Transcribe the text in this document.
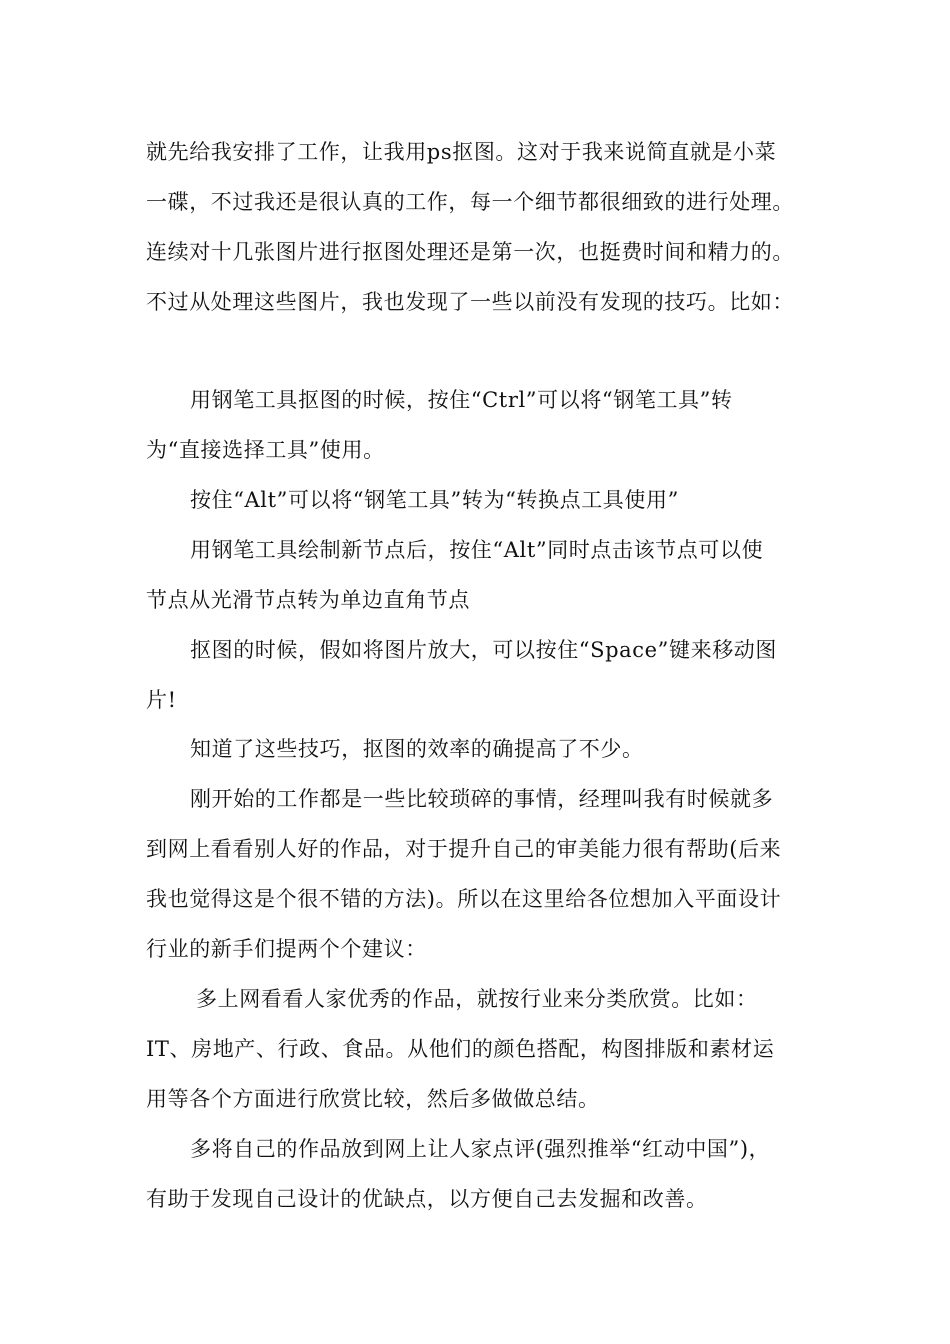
就先给我安排了工作，让我用ps抠图。这对于我来说简直就是小菜
一碟，不过我还是很认真的工作，每一个细节都很细致的进行处理。
连续对十几张图片进行抠图处理还是第一次，也挺费时间和精力的。
不过从处理这些图片，我也发现了一些以前没有发现的技巧。比如：
用钢笔工具抠图的时候，按住“Ctrl”可以将“钢笔工具”转
为“直接选择工具”使用。
按住“Alt”可以将“钢笔工具”转为“转换点工具使用”
用钢笔工具绘制新节点后，按住“Alt”同时点击该节点可以使
节点从光滑节点转为单边直角节点
抠图的时候，假如将图片放大，可以按住“Space”键来移动图
片!
知道了这些技巧，抠图的效率的确提高了不少。
刚开始的工作都是一些比较琐碎的事情，经理叫我有时候就多
到网上看看别人好的作品，对于提升自己的审美能力很有帮助(后来
我也觉得这是个很不错的方法)。所以在这里给各位想加入平面设计
行业的新手们提两个个建议：
多上网看看人家优秀的作品，就按行业来分类欣赏。比如：
IT、房地产、行政、食品。从他们的颜色搭配，构图排版和素材运
用等各个方面进行欣赏比较，然后多做做总结。
多将自己的作品放到网上让人家点评(强烈推举“红动中国”)，
有助于发现自己设计的优缺点，以方便自己去发掘和改善。
